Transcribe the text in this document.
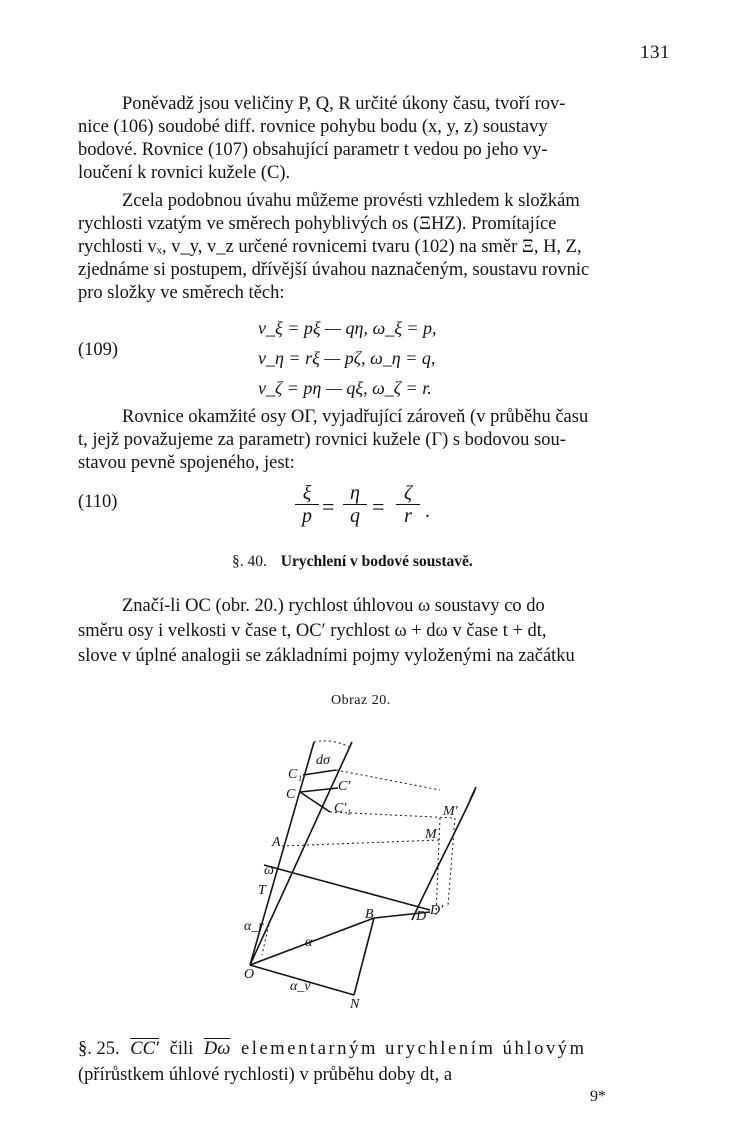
131
Poněvadž jsou veličiny P, Q, R určité úkony času, tvoří rov-
nice (106) soudobé diff. rovnice pohybu bodu (x, y, z) soustavy
bodové. Rovnice (107) obsahující parametr t vedou po jeho vy-
loučení k rovnici kužele (C).
Zcela podobnou úvahu můžeme provésti vzhledem k složkám
rychlosti vzatým ve směrech pohyblivých os (ΞHZ). Promítajíce
rychlosti vₓ, v_y, v_z určené rovnicemi tvaru (102) na směr Ξ, H, Z,
zjednáme si postupem, dřívější úvahou naznačeným, soustavu rovnic
pro složky ve směrech těch:
(109)
v_ξ = pξ — qη, ω_ξ = p,
v_η = rξ — pζ, ω_η = q,
v_ζ = pη — qξ, ω_ζ = r.
Rovnice okamžité osy OΓ, vyjadřující zároveň (v průběhu času
t, jejž považujeme za parametr) rovnici kužele (Γ) s bodovou sou-
stavou pevně spojeného, jest:
(110)	$\frac{\xi}{p} = \frac{\eta}{q} = \frac{\zeta}{r}$ .
§. 40. Urychlení v bodové soustavě.
Značí-li OC (obr. 20.) rychlost úhlovou ω soustavy co do
směru osy i velkosti v čase t, OC′ rychlost ω + dω v čase t + dt,
slove v úplné analogii se základními pojmy vyloženými na začátku
Obraz 20.
dσ
C₁
C
C′
C′₁
A
ω
T
α_r
O
α
α_v
N
B	D D′
M′
M
§. 25. CC′ čili $\overline{D\omega}$ elementarným urychlením úhlovým
(přírůstkem úhlové rychlosti) v průběhu doby dt, a
9*
